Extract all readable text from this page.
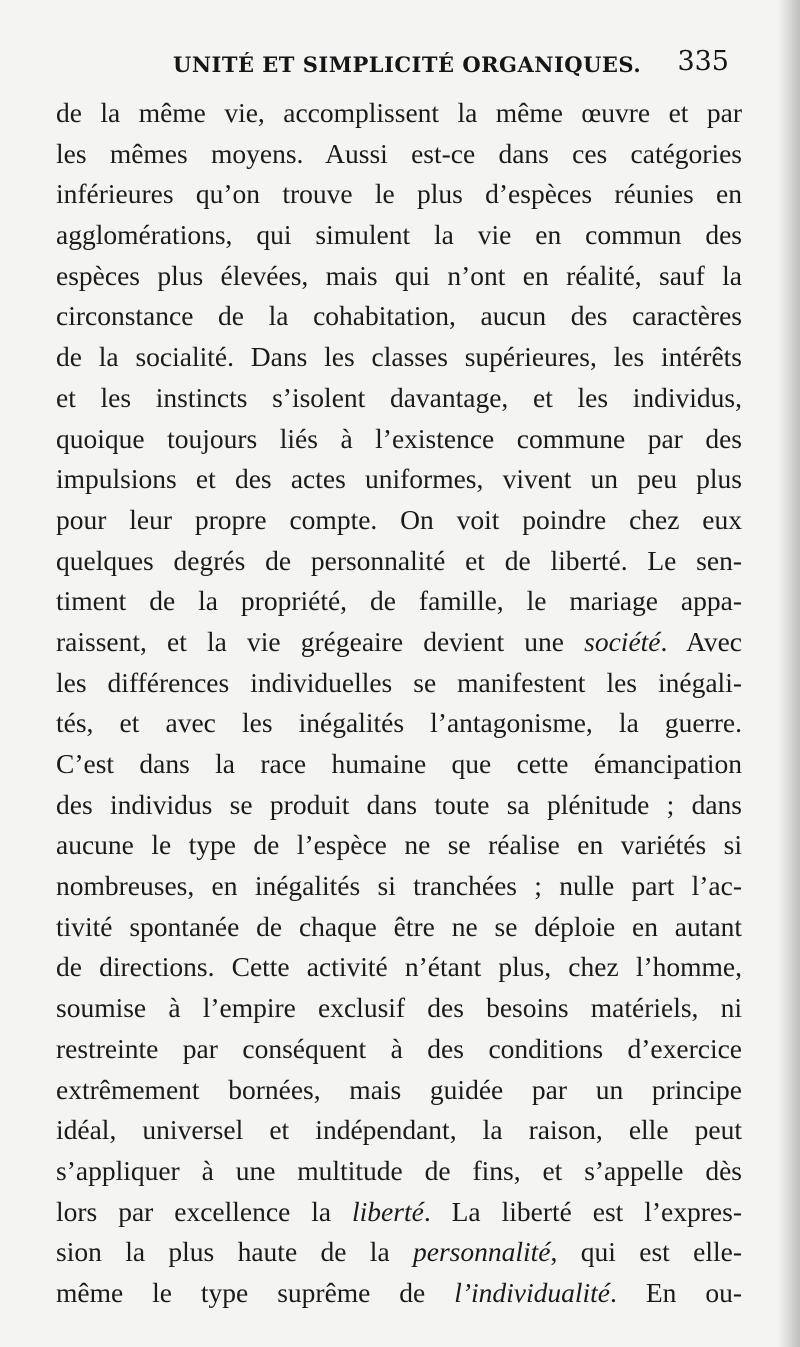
UNITÉ ET SIMPLICITÉ ORGANIQUES. 335
de la même vie, accomplissent la même œuvre et par
les mêmes moyens. Aussi est-ce dans ces catégories
inférieures qu’on trouve le plus d’espèces réunies en
agglomérations, qui simulent la vie en commun des
espèces plus élevées, mais qui n’ont en réalité, sauf la
circonstance de la cohabitation, aucun des caractères
de la socialité. Dans les classes supérieures, les intérêts
et les instincts s’isolent davantage, et les individus,
quoique toujours liés à l’existence commune par des
impulsions et des actes uniformes, vivent un peu plus
pour leur propre compte. On voit poindre chez eux
quelques degrés de personnalité et de liberté. Le sen-
timent de la propriété, de famille, le mariage appa-
raissent, et la vie grégeaire devient une société. Avec
les différences individuelles se manifestent les inégali-
tés, et avec les inégalités l’antagonisme, la guerre.
C’est dans la race humaine que cette émancipation
des individus se produit dans toute sa plénitude ; dans
aucune le type de l’espèce ne se réalise en variétés si
nombreuses, en inégalités si tranchées ; nulle part l’ac-
tivité spontanée de chaque être ne se déploie en autant
de directions. Cette activité n’étant plus, chez l’homme,
soumise à l’empire exclusif des besoins matériels, ni
restreinte par conséquent à des conditions d’exercice
extrêmement bornées, mais guidée par un principe
idéal, universel et indépendant, la raison, elle peut
s’appliquer à une multitude de fins, et s’appelle dès
lors par excellence la liberté. La liberté est l’expres-
sion la plus haute de la personnalité, qui est elle-
même le type suprême de l’individualité. En ou-
